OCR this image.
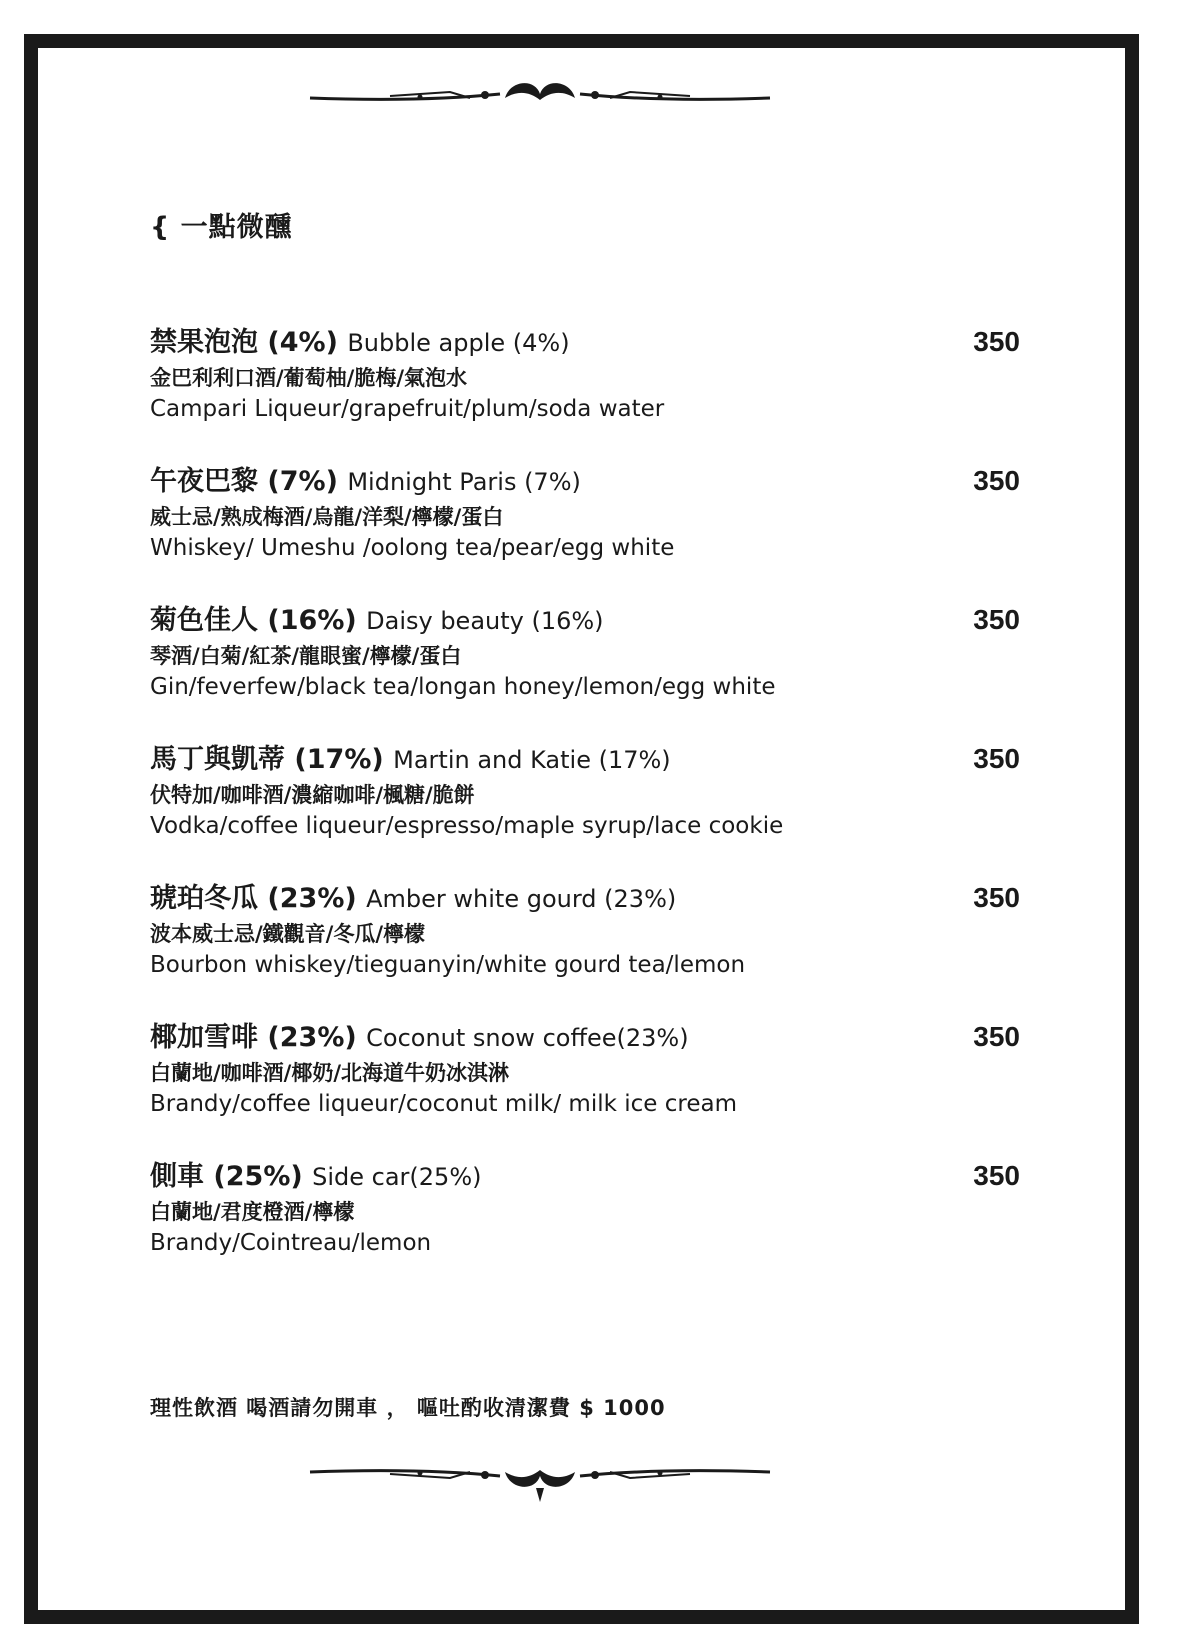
{ 一點微醺
禁果泡泡 (4%) Bubble apple (4%)
金巴利利口酒/葡萄柚/脆梅/氣泡水
Campari Liqueur/grapefruit/plum/soda water
350
午夜巴黎 (7%) Midnight Paris (7%)
威士忌/熟成梅酒/烏龍/洋梨/檸檬/蛋白
Whiskey/ Umeshu /oolong tea/pear/egg white
350
菊色佳人 (16%) Daisy beauty (16%)
琴酒/白菊/紅茶/龍眼蜜/檸檬/蛋白
Gin/feverfew/black tea/longan honey/lemon/egg white
350
馬丁與凱蒂 (17%) Martin and Katie (17%)
伏特加/咖啡酒/濃縮咖啡/楓糖/脆餅
Vodka/coffee liqueur/espresso/maple syrup/lace cookie
350
琥珀冬瓜 (23%) Amber white gourd (23%)
波本威士忌/鐵觀音/冬瓜/檸檬
Bourbon whiskey/tieguanyin/white gourd tea/lemon
350
椰加雪啡 (23%) Coconut snow coffee(23%)
白蘭地/咖啡酒/椰奶/北海道牛奶冰淇淋
Brandy/coffee liqueur/coconut milk/ milk ice cream
350
側車 (25%) Side car(25%)
白蘭地/君度橙酒/檸檬
Brandy/Cointreau/lemon
350
理性飲酒 喝酒請勿開車 ， 嘔吐酌收清潔費 $ 1000
